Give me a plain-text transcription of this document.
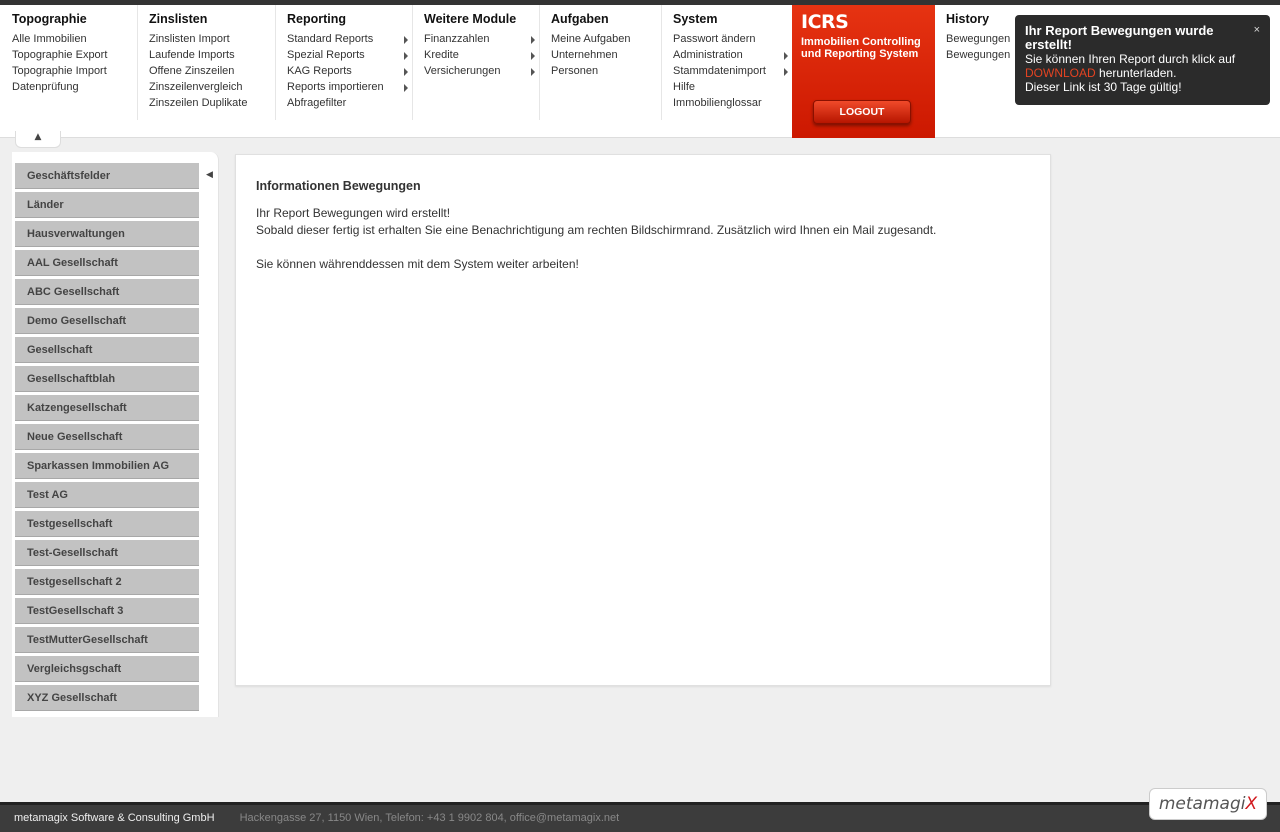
Topographie
Alle Immobilien
Topographie Export
Topographie Import
Datenprüfung
Zinslisten
Zinslisten Import
Laufende Imports
Offene Zinszeilen
Zinszeilenvergleich
Zinszeilen Duplikate
Reporting
Standard Reports
Spezial Reports
KAG Reports
Reports importieren
Abfragefilter
Weitere Module
Finanzzahlen
Kredite
Versicherungen
Aufgaben
Meine Aufgaben
Unternehmen
Personen
System
Passwort ändern
Administration
Stammdatenimport
Hilfe
Immobilienglossar
ICRS
Immobilien Controlling
und Reporting System
LOGOUT
History
Bewegungen
Bewegungen
▲
◀
Geschäftsfelder
Länder
Hausverwaltungen
AAL Gesellschaft
ABC Gesellschaft
Demo Gesellschaft
Gesellschaft
Gesellschaftblah
Katzengesellschaft
Neue Gesellschaft
Sparkassen Immobilien AG
Test AG
Testgesellschaft
Test-Gesellschaft
Testgesellschaft 2
TestGesellschaft 3
TestMutterGesellschaft
Vergleichsgschaft
XYZ Gesellschaft
Informationen Bewegungen

Ihr Report Bewegungen wird erstellt!

Sobald dieser fertig ist erhalten Sie eine Benachrichtigung am rechten Bildschirmrand. Zusätzlich wird Ihnen ein Mail zugesandt.

Sie können währenddessen mit dem System weiter arbeiten!

×
Ihr Report Bewegungen wurde erstellt!
Sie können Ihren Report durch klick auf
DOWNLOAD herunterladen.
Dieser Link ist 30 Tage gültig!
metamagix Software & Consulting GmbH Hackengasse 27, 1150 Wien, Telefon: +43 1 9902 804, office@metamagix.net
metamagiX
